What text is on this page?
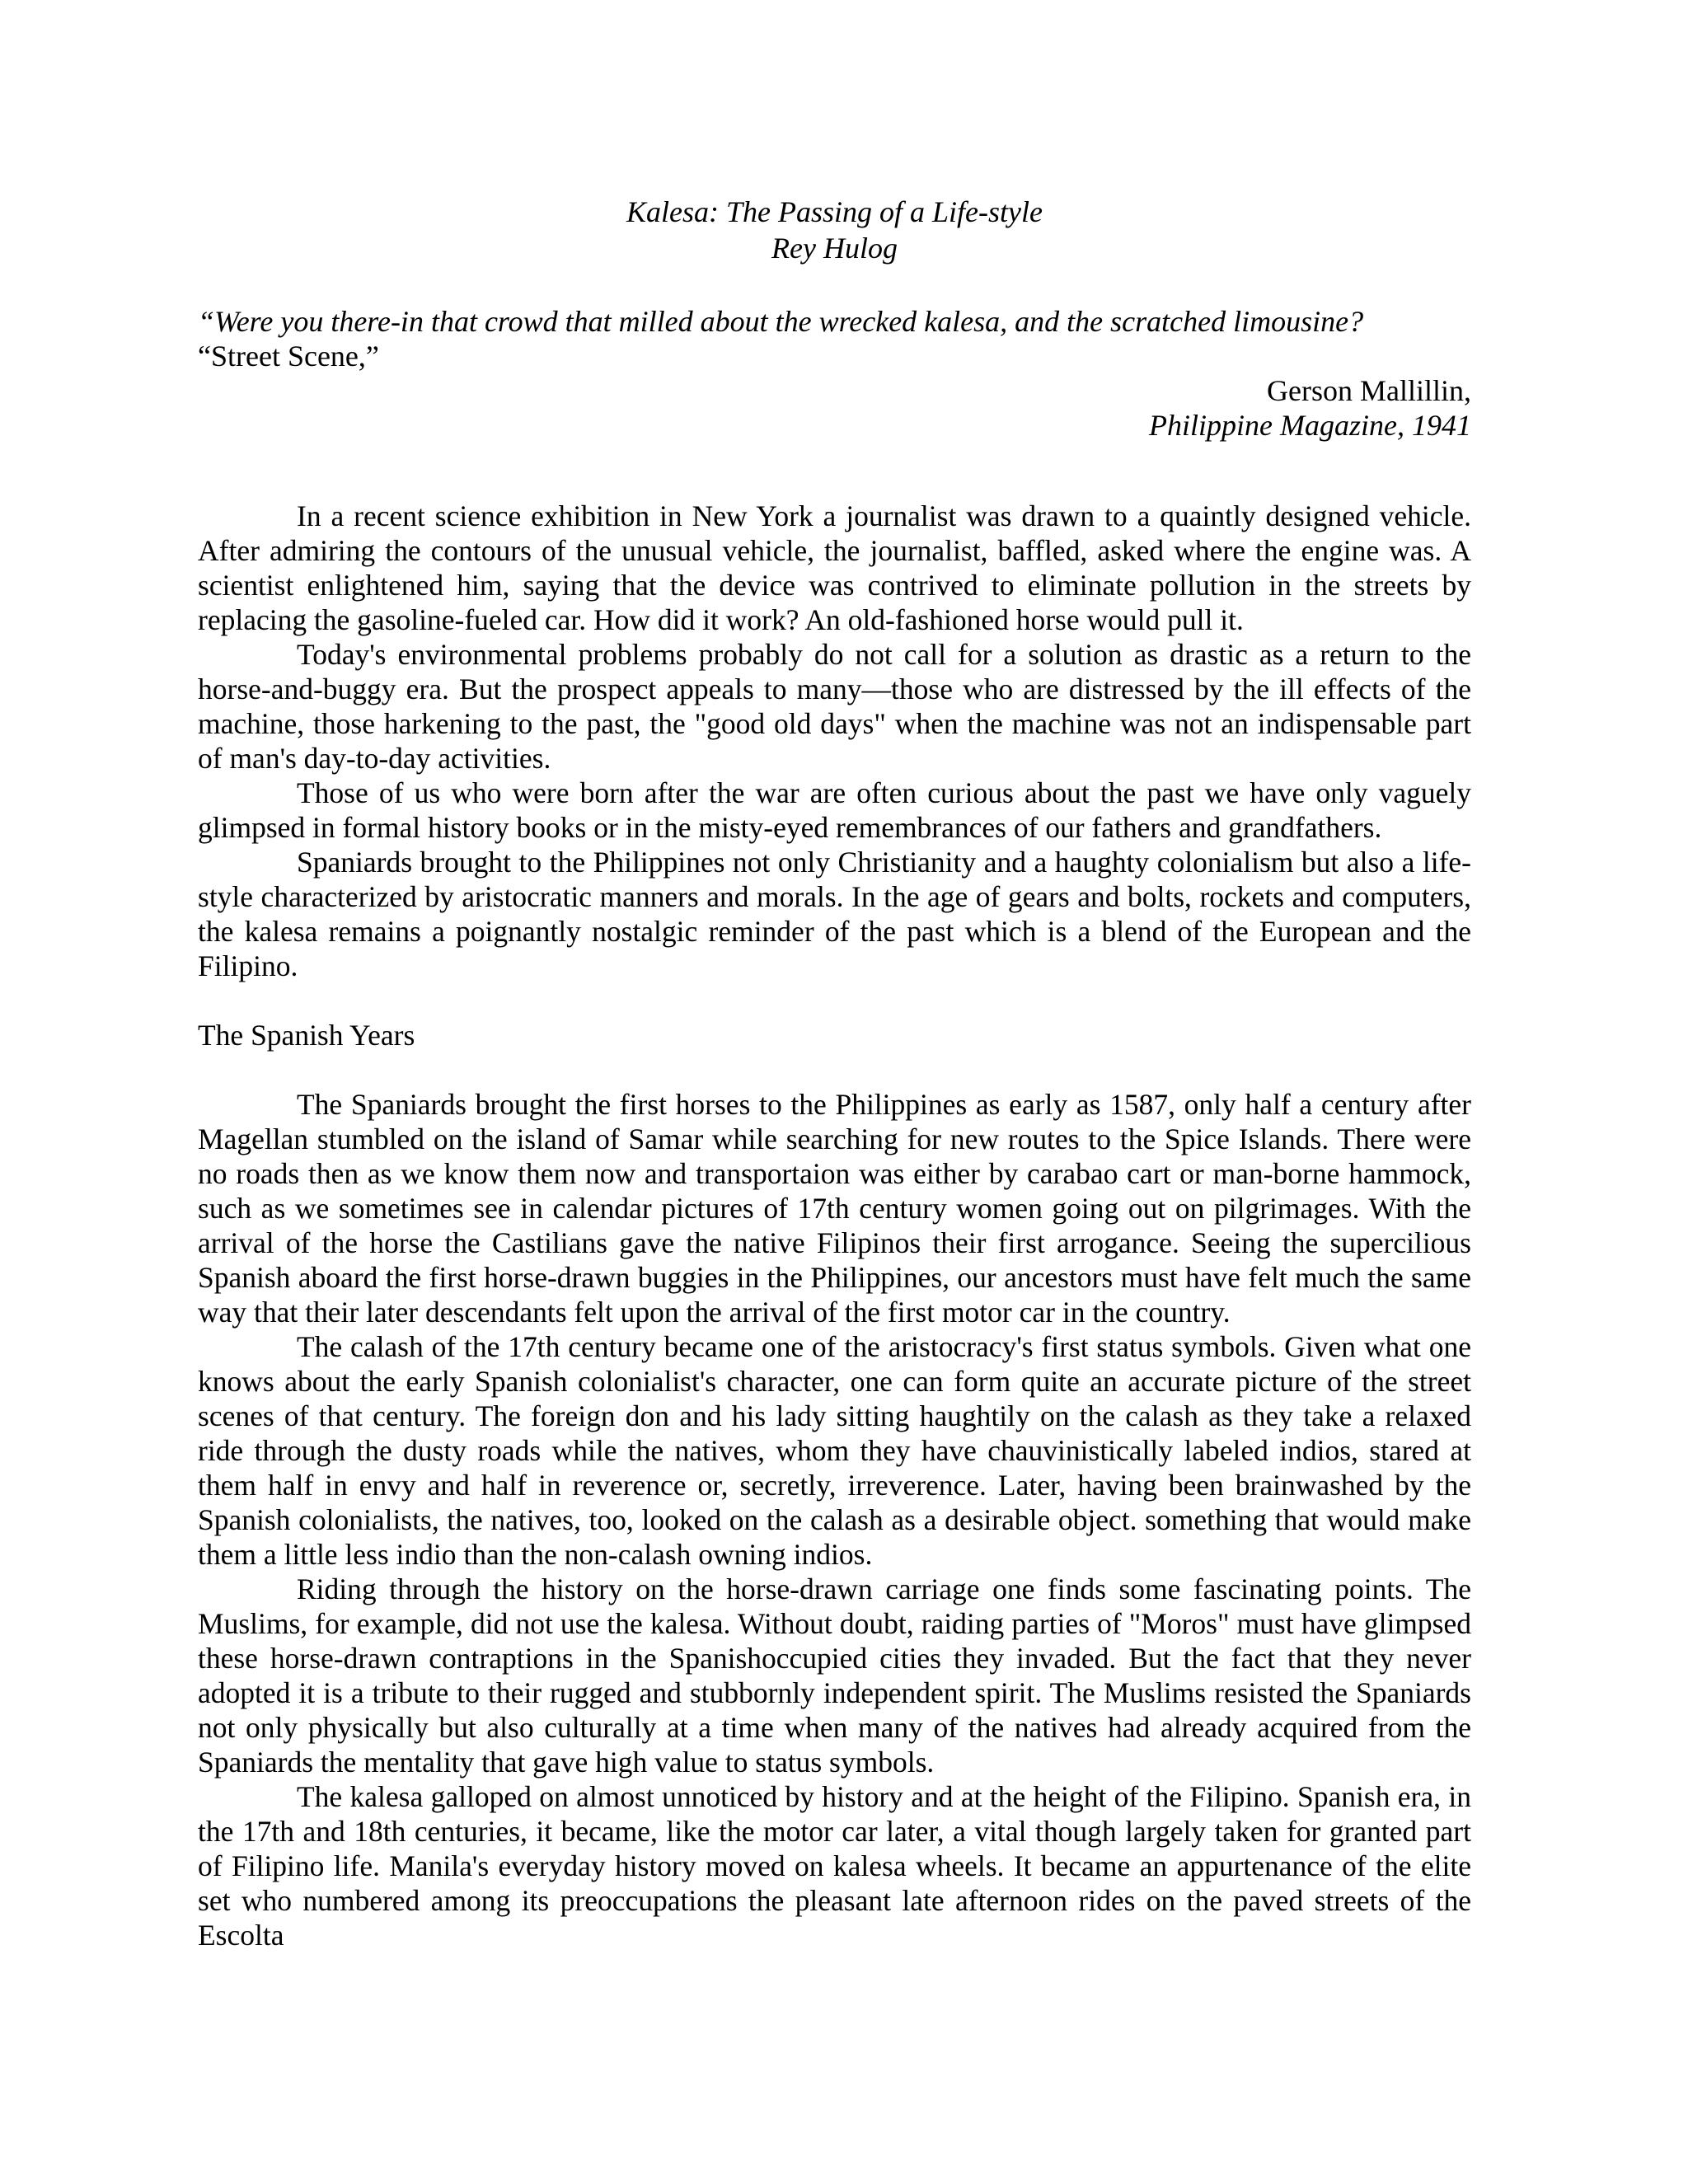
Kalesa: The Passing of a Life-style
Rey Hulog
“Were you there-in that crowd that milled about the wrecked kalesa, and the scratched limousine?
“Street Scene,”
Gerson Mallillin,
Philippine Magazine, 1941

In a recent science exhibition in New York a journalist was drawn to a quaintly designed vehicle. After admiring the contours of the unusual vehicle, the journalist, baffled, asked where the engine was. A scientist enlightened him, saying that the device was contrived to eliminate pollution in the streets by replacing the gasoline-fueled car. How did it work? An old-fashioned horse would pull it.

Today's environmental problems probably do not call for a solution as drastic as a return to the horse-and-buggy era. But the prospect appeals to many—those who are distressed by the ill effects of the machine, those harkening to the past, the "good old days" when the machine was not an indispensable part of man's day-to-day activities.

Those of us who were born after the war are often curious about the past we have only vaguely glimpsed in formal history books or in the misty-eyed remembrances of our fathers and grandfathers.

Spaniards brought to the Philippines not only Christianity and a haughty colonialism but also a life-style characterized by aristocratic manners and morals. In the age of gears and bolts, rockets and computers, the kalesa remains a poignantly nostalgic reminder of the past which is a blend of the European and the Filipino.

The Spanish Years

The Spaniards brought the first horses to the Philippines as early as 1587, only half a century after Magellan stumbled on the island of Samar while searching for new routes to the Spice Islands. There were no roads then as we know them now and transportaion was either by carabao cart or man-borne hammock, such as we sometimes see in calendar pictures of 17th century women going out on pilgrimages. With the arrival of the horse the Castilians gave the native Filipinos their first arrogance. Seeing the supercilious Spanish aboard the first horse-drawn buggies in the Philippines, our ancestors must have felt much the same way that their later descendants felt upon the arrival of the first motor car in the country.

The calash of the 17th century became one of the aristocracy's first status symbols. Given what one knows about the early Spanish colonialist's character, one can form quite an accurate picture of the street scenes of that century. The foreign don and his lady sitting haughtily on the calash as they take a relaxed ride through the dusty roads while the natives, whom they have chauvinistically labeled indios, stared at them half in envy and half in reverence or, secretly, irreverence. Later, having been brainwashed by the Spanish colonialists, the natives, too, looked on the calash as a desirable object. something that would make them a little less indio than the non-calash owning indios.

Riding through the history on the horse-drawn carriage one finds some fascinating points. The Muslims, for example, did not use the kalesa. Without doubt, raiding parties of "Moros" must have glimpsed these horse-drawn contraptions in the Spanishoccupied cities they invaded. But the fact that they never adopted it is a tribute to their rugged and stubbornly independent spirit. The Muslims resisted the Spaniards not only physically but also culturally at a time when many of the natives had already acquired from the Spaniards the mentality that gave high value to status symbols.

The kalesa galloped on almost unnoticed by history and at the height of the Filipino. Spanish era, in the 17th and 18th centuries, it became, like the motor car later, a vital though largely taken for granted part of Filipino life. Manila's everyday history moved on kalesa wheels. It became an appurtenance of the elite set who numbered among its preoccupations the pleasant late afternoon rides on the paved streets of the Escolta
